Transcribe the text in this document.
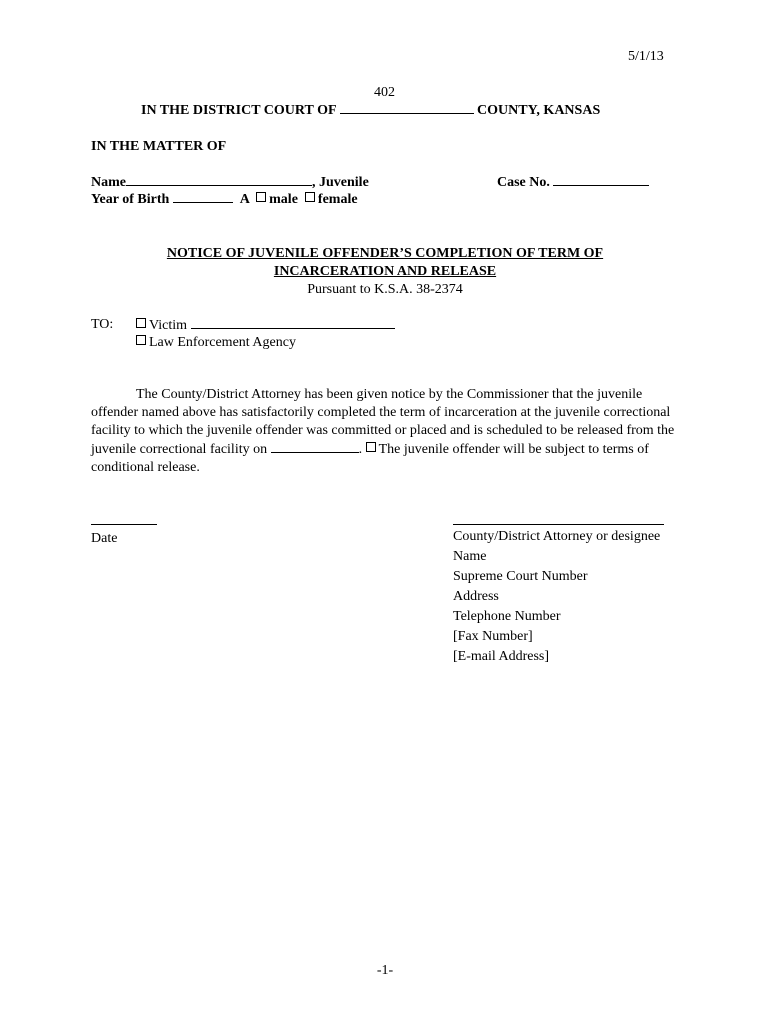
5/1/13
402
IN THE DISTRICT COURT OF	COUNTY, KANSAS
IN THE MATTER OF
Name	, Juvenile	Case No.
Year of Birth	A male female
NOTICE OF JUVENILE OFFENDER’S COMPLETION OF TERM OF
INCARCERATION AND RELEASE
Pursuant to K.S.A. 38-2374
TO:	Victim
Law Enforcement Agency
The County/District Attorney has been given notice by the Commissioner that the juvenile offender named above has satisfactorily completed the term of incarceration at the juvenile correctional facility to which the juvenile offender was committed or placed and is scheduled to be released from the juvenile correctional facility on	. The juvenile offender will be subject to terms of conditional release.
Date	County/District Attorney or designee
Name
Supreme Court Number
Address
Telephone Number
[Fax Number]
[E-mail Address]
-1-
